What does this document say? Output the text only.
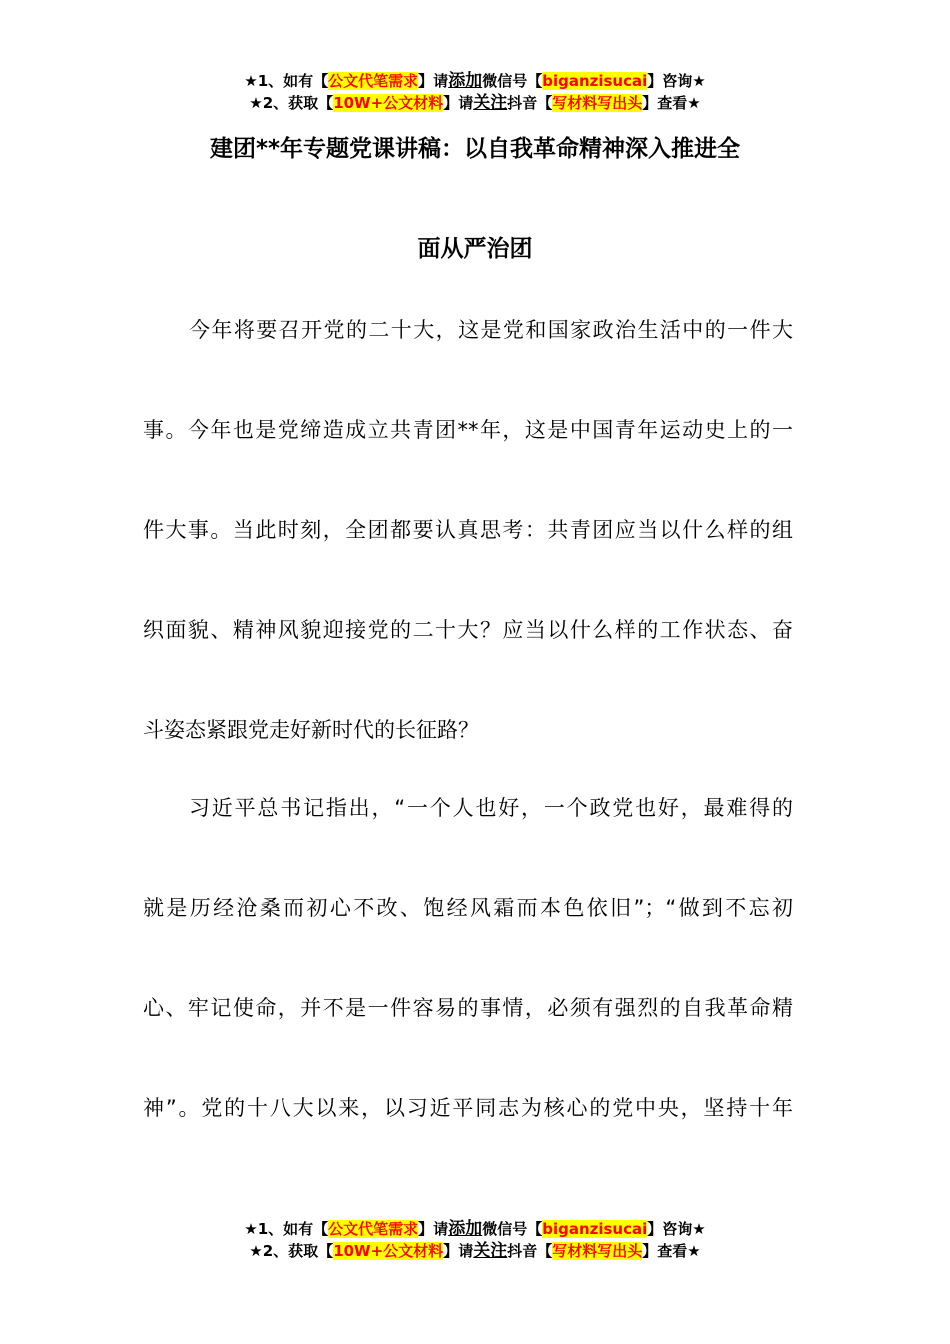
★1、如有【公文代笔需求】请添加微信号【biganzisucai】咨询★
★2、获取【10W+公文材料】请关注抖音【写材料写出头】查看★
建团**年专题党课讲稿：以自我革命精神深入推进全
面从严治团
今年将要召开党的二十大，这是党和国家政治生活中的一件大
事。今年也是党缔造成立共青团**年，这是中国青年运动史上的一
件大事。当此时刻，全团都要认真思考：共青团应当以什么样的组
织面貌、精神风貌迎接党的二十大？应当以什么样的工作状态、奋
斗姿态紧跟党走好新时代的长征路？
习近平总书记指出，“一个人也好，一个政党也好，最难得的
就是历经沧桑而初心不改、饱经风霜而本色依旧”；“做到不忘初
心、牢记使命，并不是一件容易的事情，必须有强烈的自我革命精
神”。党的十八大以来，以习近平同志为核心的党中央，坚持十年
★1、如有【公文代笔需求】请添加微信号【biganzisucai】咨询★
★2、获取【10W+公文材料】请关注抖音【写材料写出头】查看★
